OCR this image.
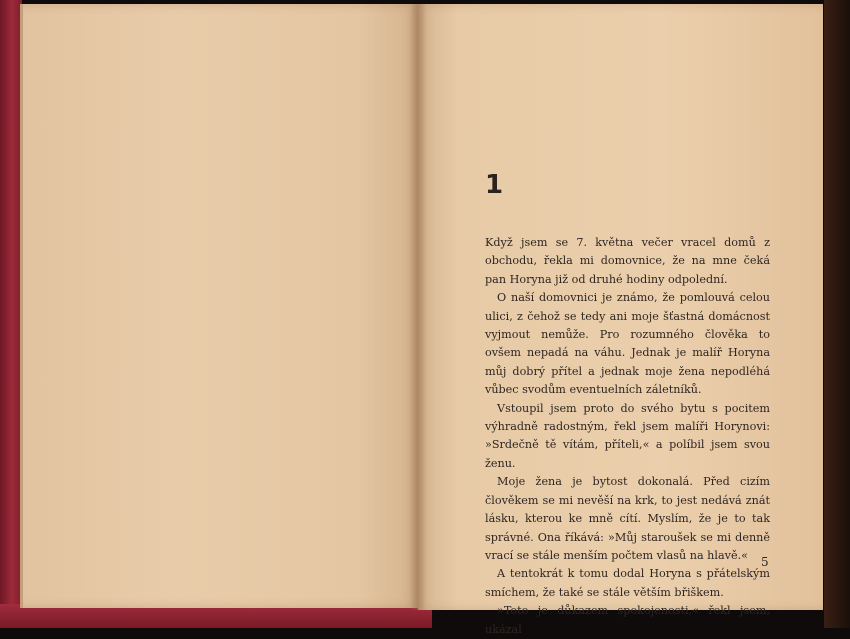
1

Když jsem se 7. května večer vracel domů z obchodu, řekla mi domovnice, že na mne čeká pan Horyna již od druhé hodiny odpolední.

O naší domovnici je známo, že pomlouvá celou ulici, z čehož se tedy ani moje šťastná domácnost vyjmout nemůže. Pro rozumného člověka to ovšem nepadá na váhu. Jednak je malíř Horyna můj dobrý přítel a jednak moje žena nepodléhá vůbec svodům eventuelních záletníků.

Vstoupil jsem proto do svého bytu s pocitem výhradně radostným, řekl jsem malíři Horynovi: »Srdečně tě vítám, příteli,« a políbil jsem svou ženu.

Moje žena je bytost dokonalá. Před cizím člověkem se mi nevěší na krk, to jest nedává znát lásku, kterou ke mně cítí. Myslím, že je to tak správné. Ona říkává: »Můj staroušek se mi denně vrací se stále menším počtem vlasů na hlavě.«

A tentokrát k tomu dodal Horyna s přátelským smíchem, že také se stále větším břiškem.

»Toto je důkazem spokojenosti,« řekl jsem, ukázal

5
